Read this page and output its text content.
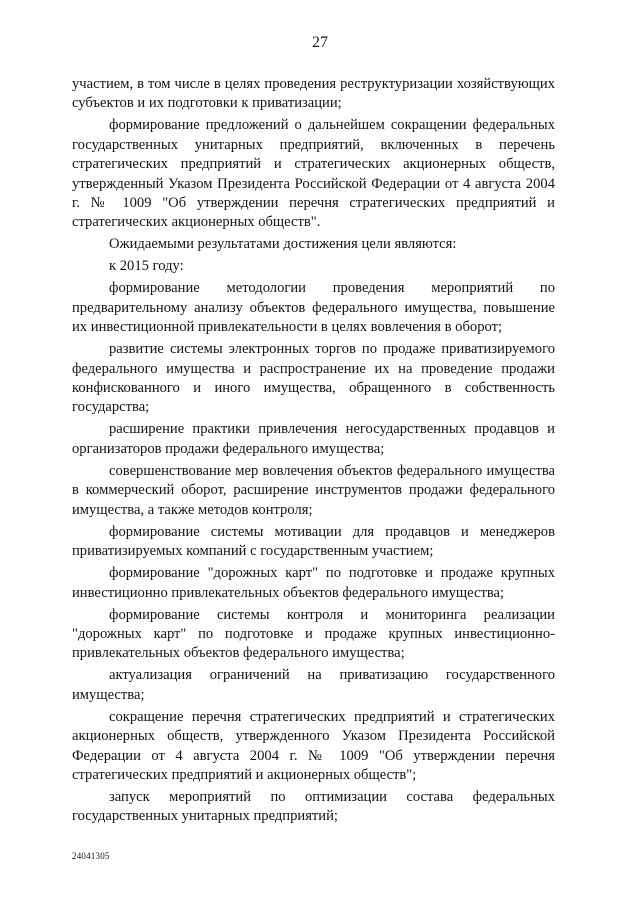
27

участием, в том числе в целях проведения реструктуризации хозяйствующих субъектов и их подготовки к приватизации;

формирование предложений о дальнейшем сокращении федеральных государственных унитарных предприятий, включенных в перечень стратегических предприятий и стратегических акционерных обществ, утвержденный Указом Президента Российской Федерации от 4 августа 2004 г. № 1009 "Об утверждении перечня стратегических предприятий и стратегических акционерных обществ".

Ожидаемыми результатами достижения цели являются:

к 2015 году:

формирование методологии проведения мероприятий по предварительному анализу объектов федерального имущества, повышение их инвестиционной привлекательности в целях вовлечения в оборот;

развитие системы электронных торгов по продаже приватизируемого федерального имущества и распространение их на проведение продажи конфискованного и иного имущества, обращенного в собственность государства;

расширение практики привлечения негосударственных продавцов и организаторов продажи федерального имущества;

совершенствование мер вовлечения объектов федерального имущества в коммерческий оборот, расширение инструментов продажи федерального имущества, а также методов контроля;

формирование системы мотивации для продавцов и менеджеров приватизируемых компаний с государственным участием;

формирование "дорожных карт" по подготовке и продаже крупных инвестиционно привлекательных объектов федерального имущества;

формирование системы контроля и мониторинга реализации "дорожных карт" по подготовке и продаже крупных инвестиционно-привлекательных объектов федерального имущества;

актуализация ограничений на приватизацию государственного имущества;

сокращение перечня стратегических предприятий и стратегических акционерных обществ, утвержденного Указом Президента Российской Федерации от 4 августа 2004 г. № 1009 "Об утверждении перечня стратегических предприятий и акционерных обществ";

запуск мероприятий по оптимизации состава федеральных государственных унитарных предприятий;

24041305
